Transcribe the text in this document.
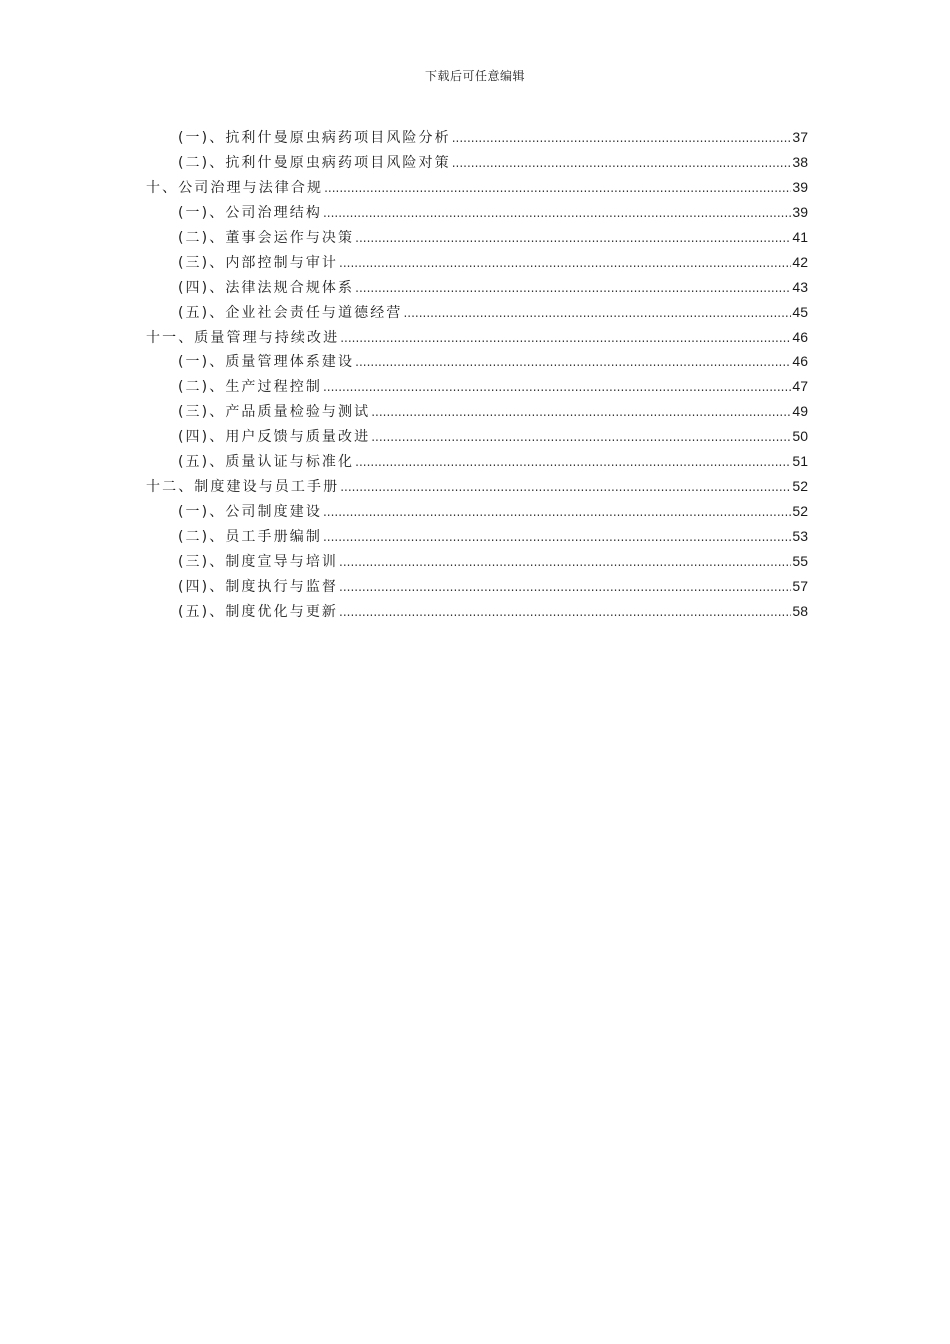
下载后可任意编辑
(一)、抗利什曼原虫病药项目风险分析 .....	37
(二)、抗利什曼原虫病药项目风险对策 .....	38
十、公司治理与法律合规 .....	39
(一)、公司治理结构 .....	39
(二)、董事会运作与决策 .....	41
(三)、内部控制与审计 .....	42
(四)、法律法规合规体系 .....	43
(五)、企业社会责任与道德经营 .....	45
十一、质量管理与持续改进 .....	46
(一)、质量管理体系建设 .....	46
(二)、生产过程控制 .....	47
(三)、产品质量检验与测试 .....	49
(四)、用户反馈与质量改进 .....	50
(五)、质量认证与标准化 .....	51
十二、制度建设与员工手册 .....	52
(一)、公司制度建设 .....	52
(二)、员工手册编制 .....	53
(三)、制度宣导与培训 .....	55
(四)、制度执行与监督 .....	57
(五)、制度优化与更新 .....	58
